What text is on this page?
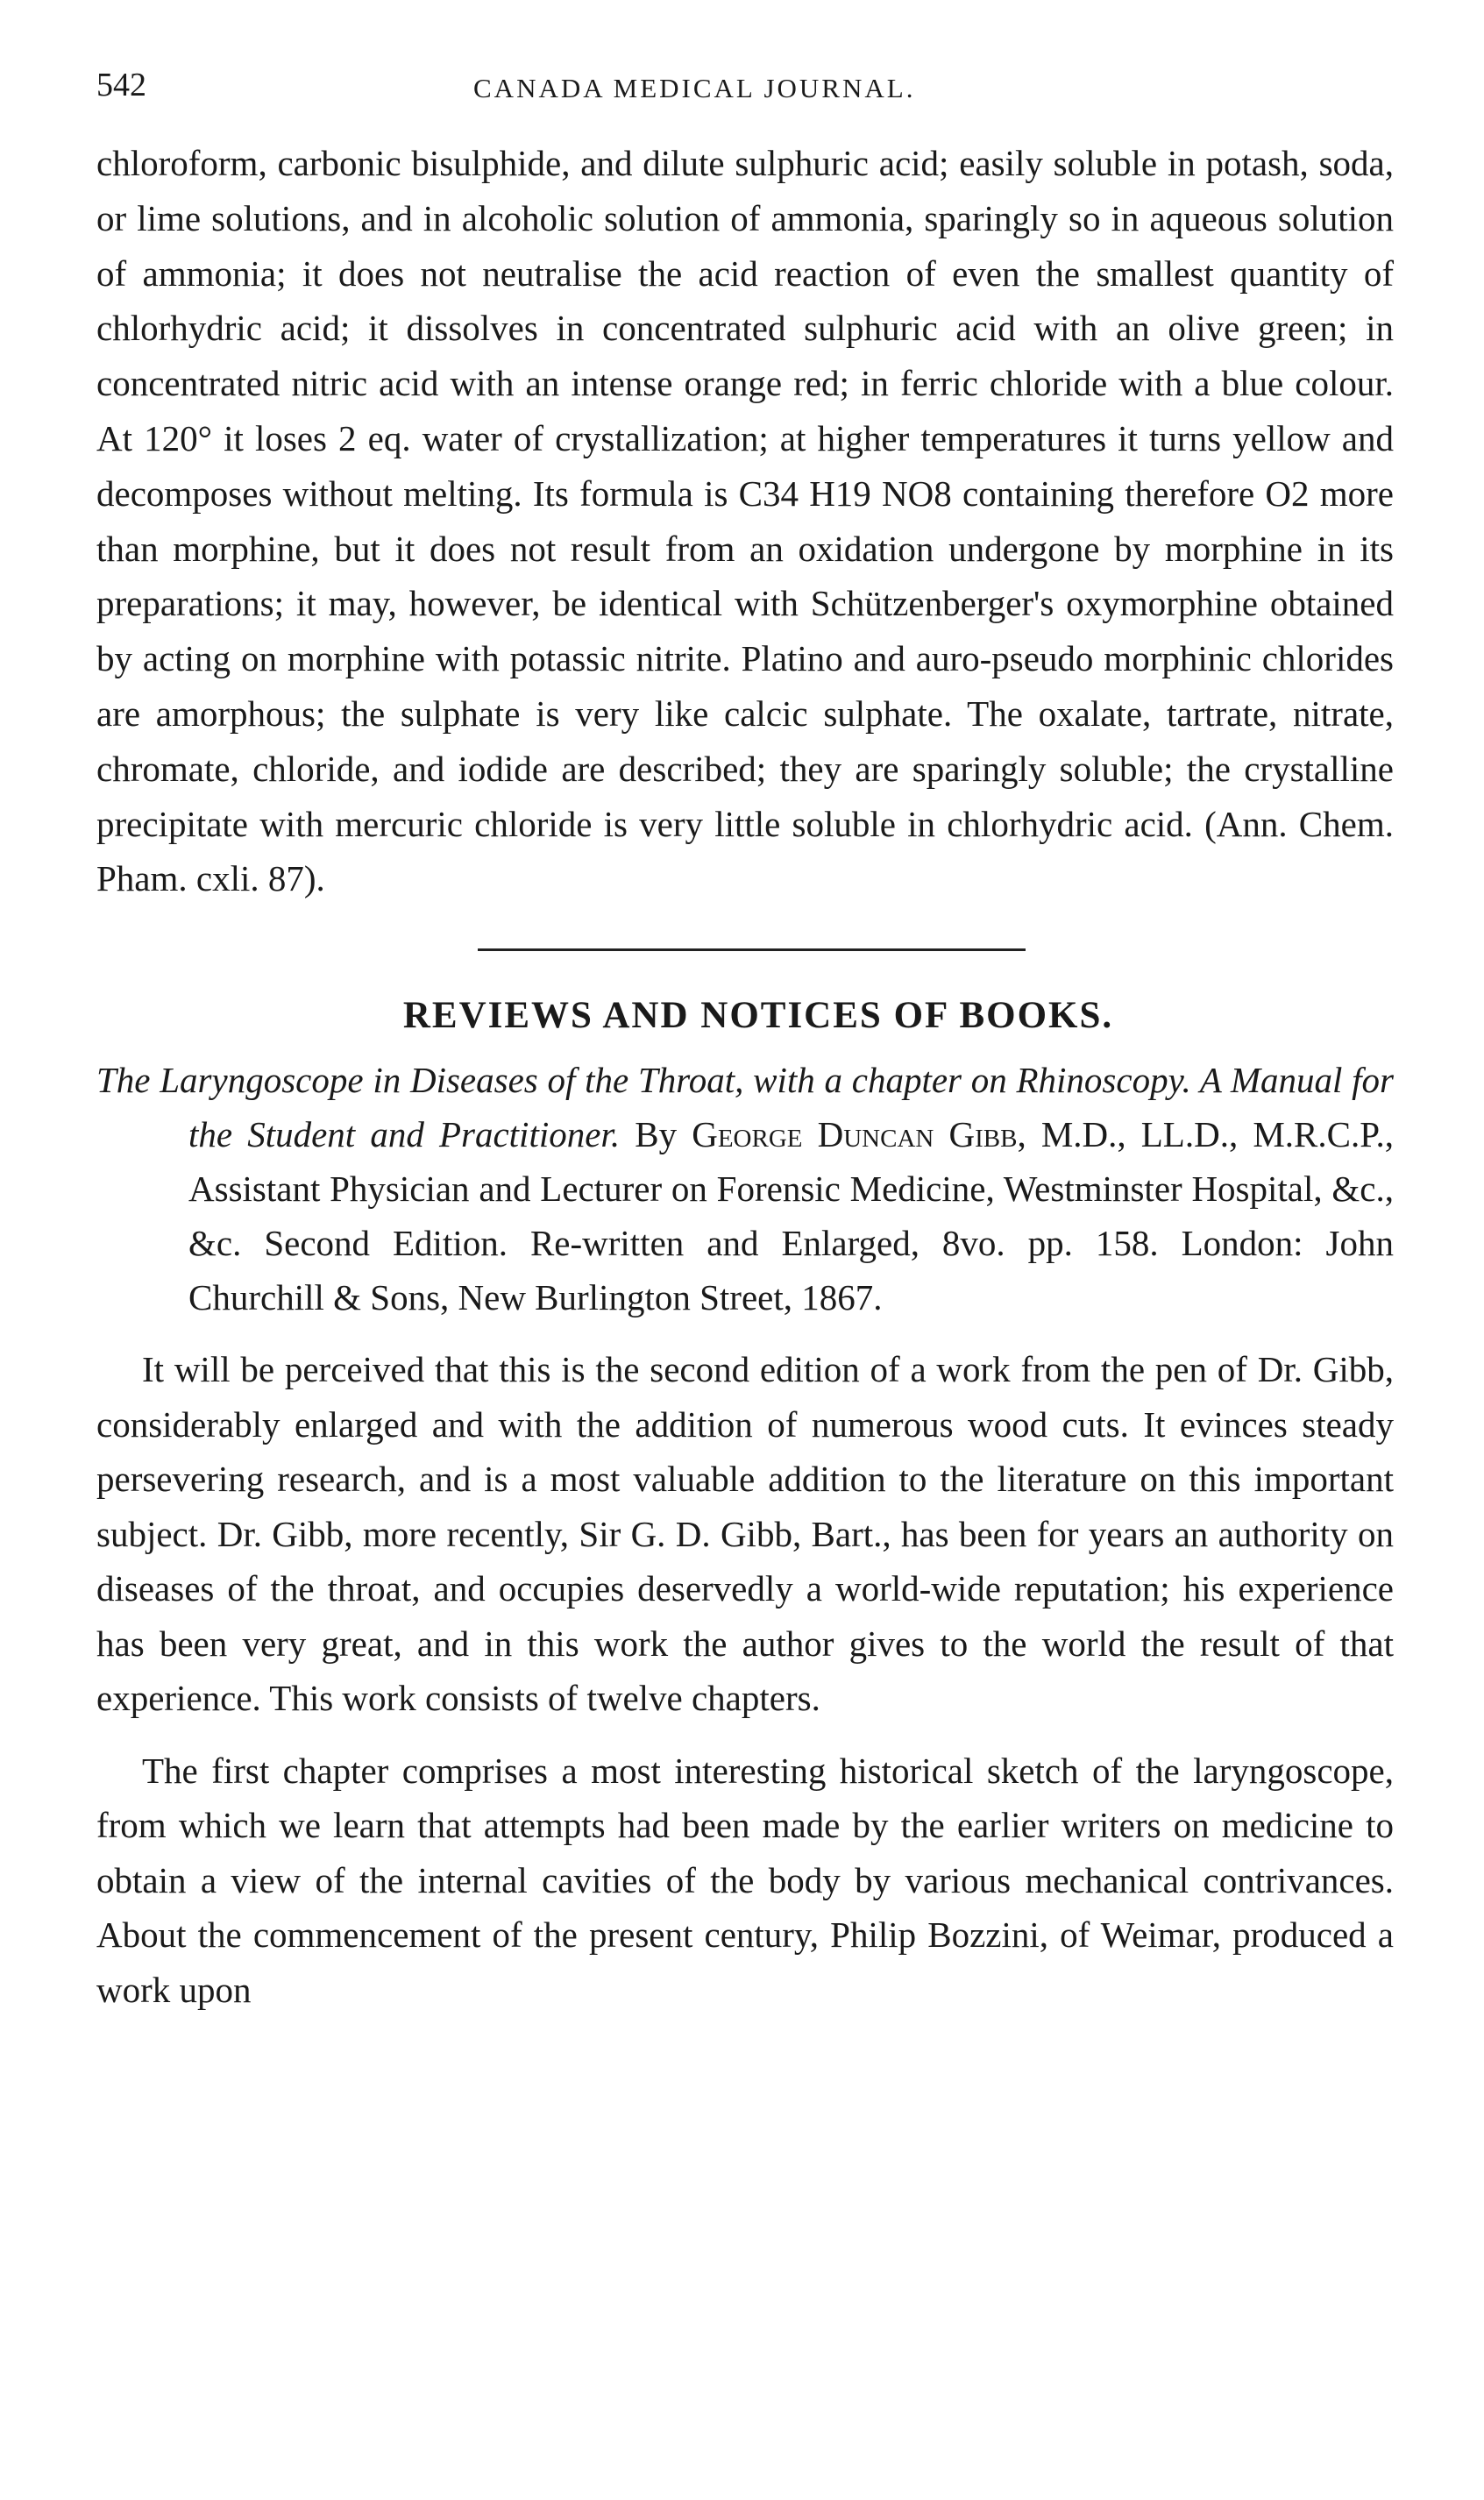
542	CANADA MEDICAL JOURNAL.

chloroform, carbonic bisulphide, and dilute sulphuric acid; easily soluble in potash, soda, or lime solutions, and in alcoholic solution of ammonia, sparingly so in aqueous solution of ammonia; it does not neutralise the acid reaction of even the smallest quantity of chlorhydric acid; it dissolves in concentrated sulphuric acid with an olive green; in concentrated nitric acid with an intense orange red; in ferric chloride with a blue colour. At 120° it loses 2 eq. water of crystallization; at higher temperatures it turns yellow and decomposes without melting. Its formula is C34 H19 NO8 containing therefore O2 more than morphine, but it does not result from an oxidation undergone by morphine in its preparations; it may, however, be identical with Schützenberger's oxymorphine obtained by acting on morphine with potassic nitrite. Platino and auro-pseudo morphinic chlorides are amorphous; the sulphate is very like calcic sulphate. The oxalate, tartrate, nitrate, chromate, chloride, and iodide are described; they are sparingly soluble; the crystalline precipitate with mercuric chloride is very little soluble in chlorhydric acid. (Ann. Chem. Pham. cxli. 87).

REVIEWS AND NOTICES OF BOOKS.

The Laryngoscope in Diseases of the Throat, with a chapter on Rhinoscopy. A Manual for the Student and Practitioner. By George Duncan Gibb, M.D., LL.D., M.R.C.P., Assistant Physician and Lecturer on Forensic Medicine, Westminster Hospital, &c., &c. Second Edition. Re-written and Enlarged, 8vo. pp. 158. London: John Churchill & Sons, New Burlington Street, 1867.

It will be perceived that this is the second edition of a work from the pen of Dr. Gibb, considerably enlarged and with the addition of numerous wood cuts. It evinces steady persevering research, and is a most valuable addition to the literature on this important subject. Dr. Gibb, more recently, Sir G. D. Gibb, Bart., has been for years an authority on diseases of the throat, and occupies deservedly a world-wide reputation; his experience has been very great, and in this work the author gives to the world the result of that experience. This work consists of twelve chapters.

The first chapter comprises a most interesting historical sketch of the laryngoscope, from which we learn that attempts had been made by the earlier writers on medicine to obtain a view of the internal cavities of the body by various mechanical contrivances. About the commencement of the present century, Philip Bozzini, of Weimar, produced a work upon
